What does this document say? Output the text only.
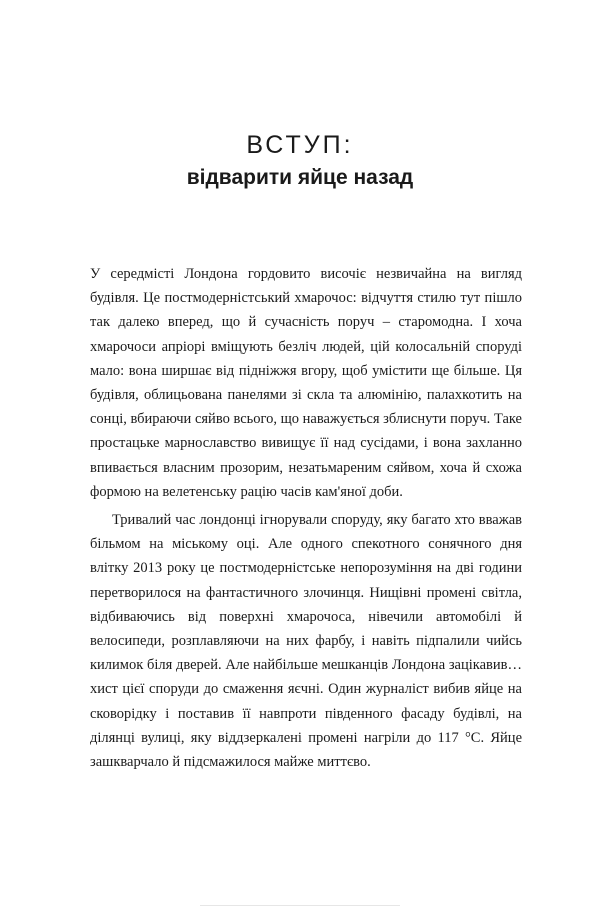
ВСТУП:
відварити яйце назад

У середмісті Лондона гордовито височіє незвичайна на вигляд будівля. Це постмодерністський хмарочос: відчуття стилю тут пішло так далеко вперед, що й сучасність поруч – старомодна. І хоча хмарочоси апріорі вміщують безліч людей, цій колосальній споруді мало: вона ширшає від підніжжя вгору, щоб умістити ще більше. Ця будівля, облицьована панелями зі скла та алюмінію, палахкотить на сонці, вбираючи сяйво всього, що наважується зблиснути поруч. Таке простацьке марнославство вивищує її над сусідами, і вона захланно впивається власним прозорим, незатьмареним сяйвом, хоча й схожа формою на велетенську рацію часів кам'яної доби.

Тривалий час лондонці ігнорували споруду, яку багато хто вважав більмом на міському оці. Але одного спекотного сонячного дня влітку 2013 року це постмодерністське непорозуміння на дві години перетворилося на фантастичного злочинця. Нищівні промені світла, відбиваючись від поверхні хмарочоса, нівечили автомобілі й велосипеди, розплавляючи на них фарбу, і навіть підпалили чийсь килимок біля дверей. Але найбільше мешканців Лондона зацікавив… хист цієї споруди до смаження яєчні. Один журналіст вибив яйце на сковорідку і поставив її навпроти південного фасаду будівлі, на ділянці вулиці, яку віддзеркалені промені нагріли до 117 °С. Яйце зашкварчало й підсмажилося майже миттєво.
